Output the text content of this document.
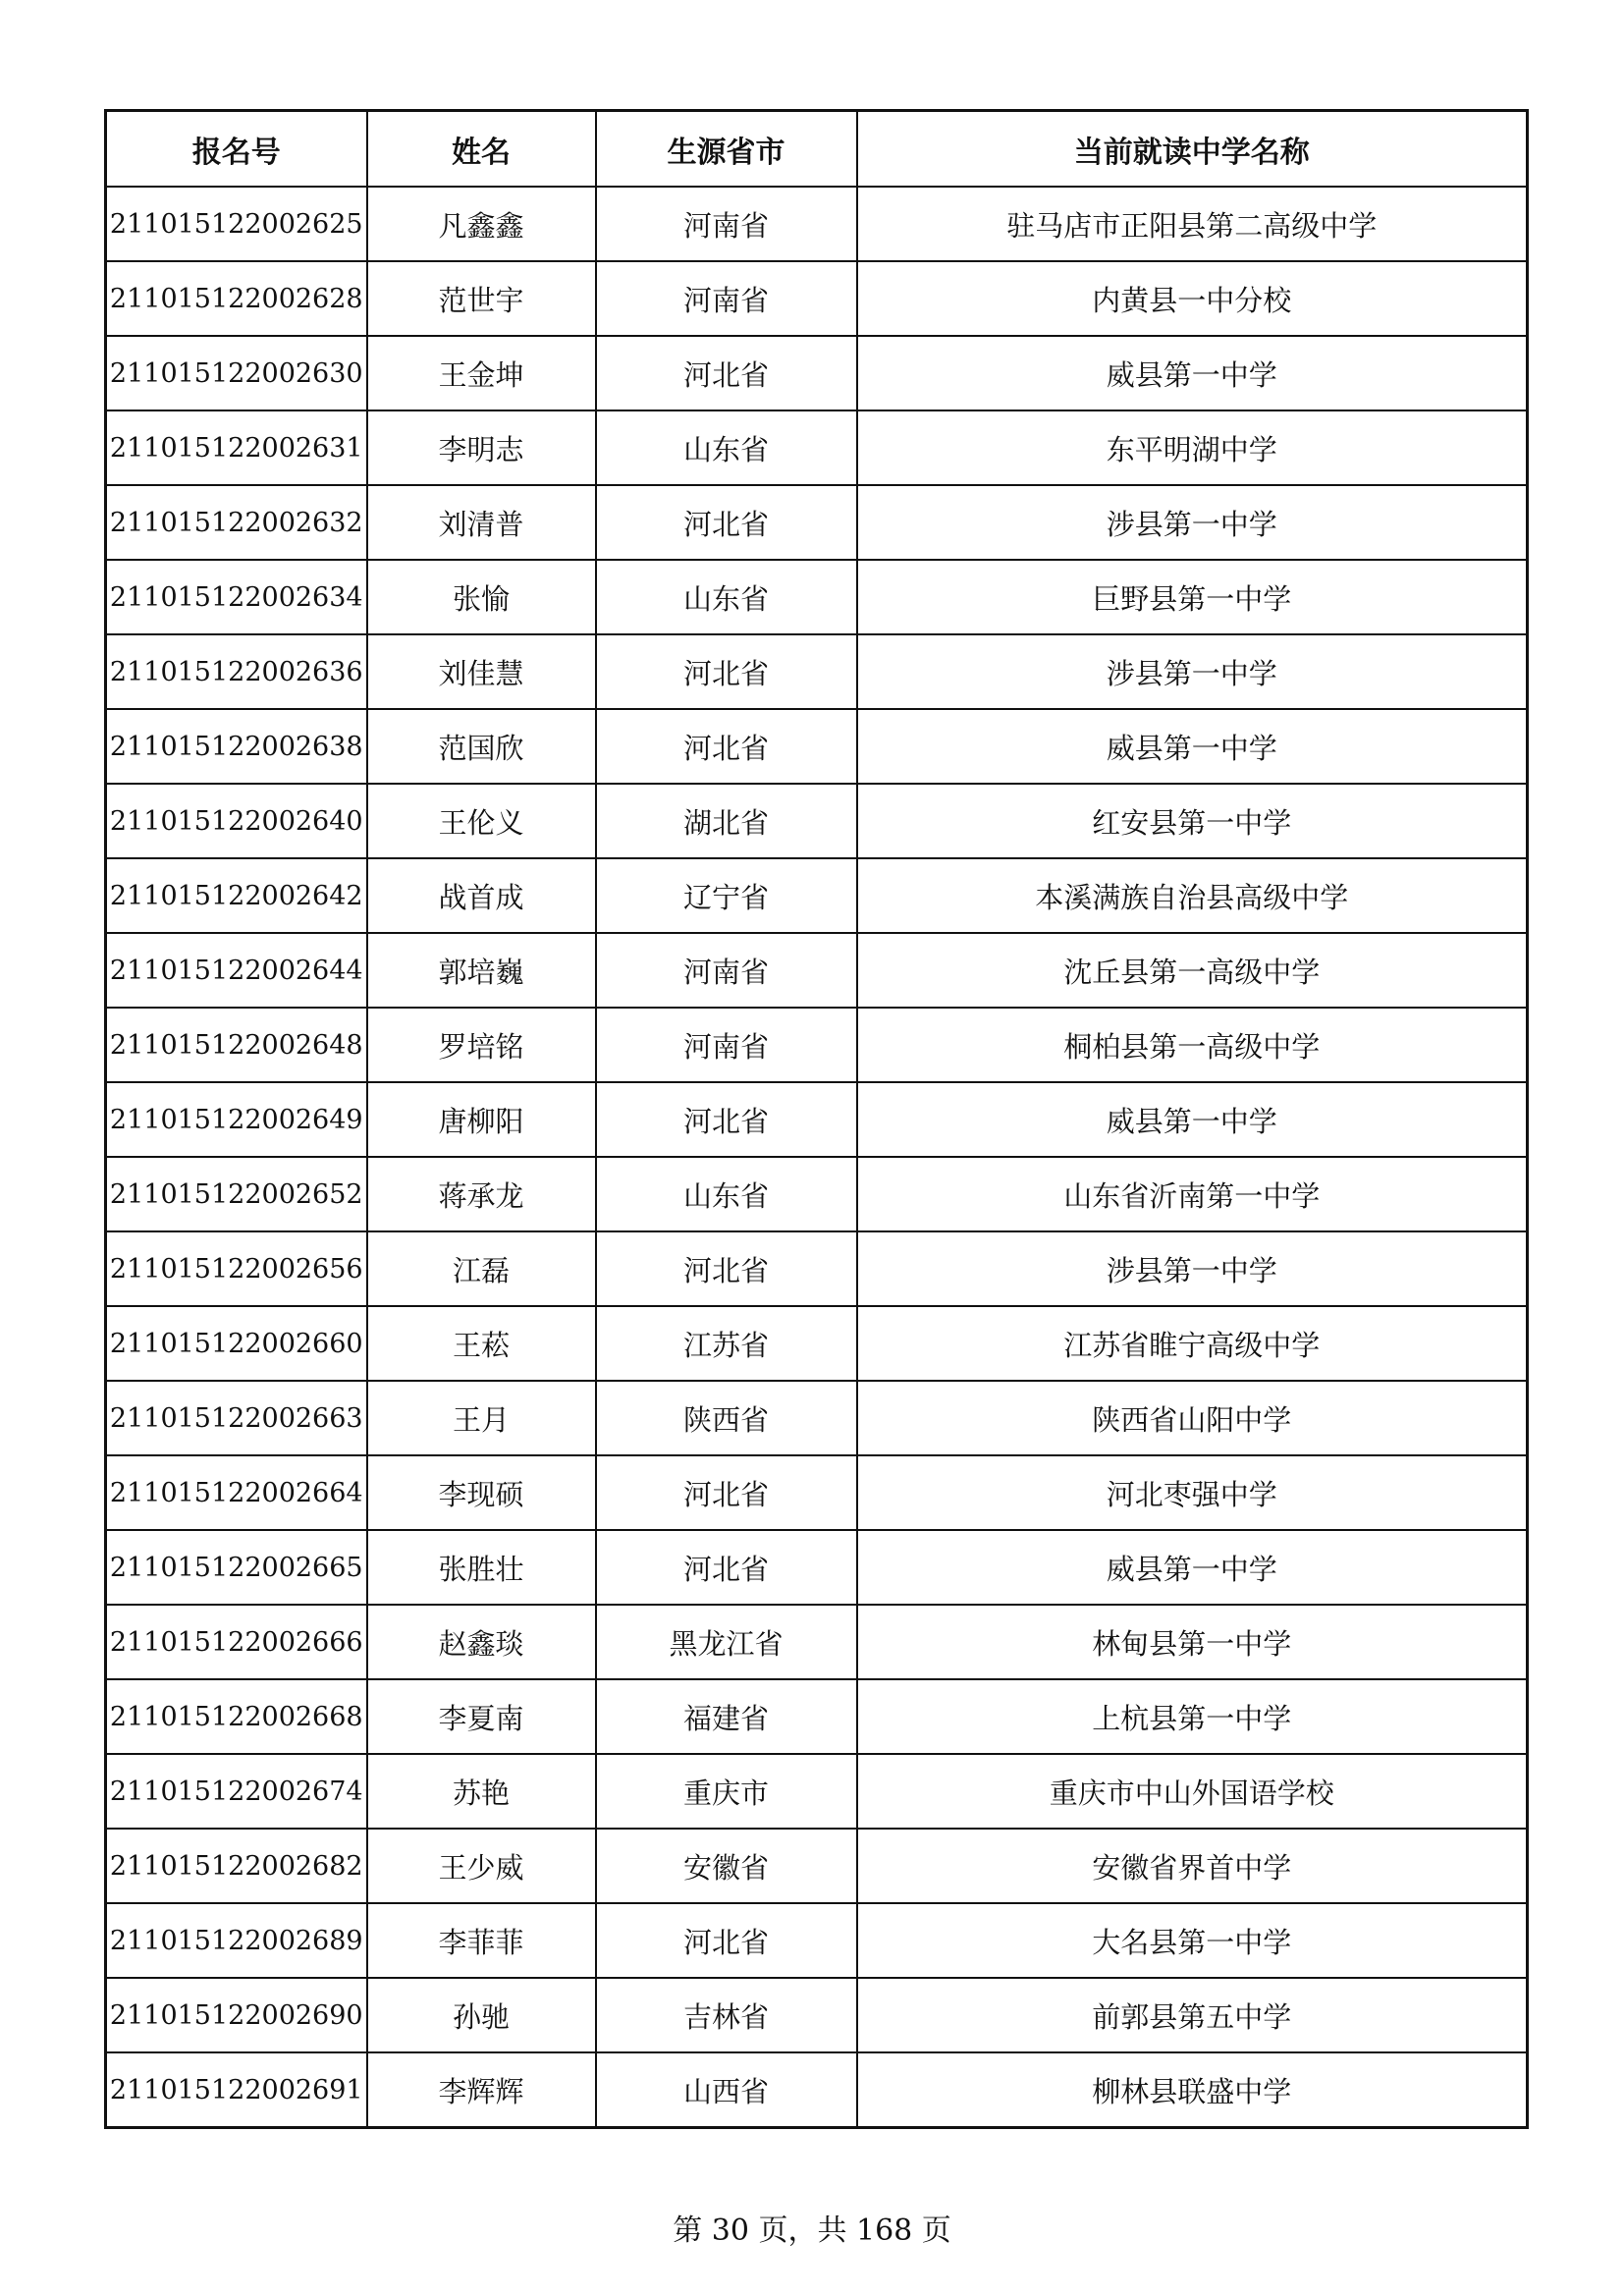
报名号	姓名	生源省市	当前就读中学名称
211015122002625	凡鑫鑫	河南省	驻马店市正阳县第二高级中学
211015122002628	范世宇	河南省	内黄县一中分校
211015122002630	王金坤	河北省	威县第一中学
211015122002631	李明志	山东省	东平明湖中学
211015122002632	刘清普	河北省	涉县第一中学
211015122002634	张愉	山东省	巨野县第一中学
211015122002636	刘佳慧	河北省	涉县第一中学
211015122002638	范国欣	河北省	威县第一中学
211015122002640	王伦义	湖北省	红安县第一中学
211015122002642	战首成	辽宁省	本溪满族自治县高级中学
211015122002644	郭培巍	河南省	沈丘县第一高级中学
211015122002648	罗培铭	河南省	桐柏县第一高级中学
211015122002649	唐柳阳	河北省	威县第一中学
211015122002652	蒋承龙	山东省	山东省沂南第一中学
211015122002656	江磊	河北省	涉县第一中学
211015122002660	王菘	江苏省	江苏省睢宁高级中学
211015122002663	王月	陕西省	陕西省山阳中学
211015122002664	李现硕	河北省	河北枣强中学
211015122002665	张胜壮	河北省	威县第一中学
211015122002666	赵鑫琰	黑龙江省	林甸县第一中学
211015122002668	李夏南	福建省	上杭县第一中学
211015122002674	苏艳	重庆市	重庆市中山外国语学校
211015122002682	王少威	安徽省	安徽省界首中学
211015122002689	李菲菲	河北省	大名县第一中学
211015122002690	孙驰	吉林省	前郭县第五中学
211015122002691	李辉辉	山西省	柳林县联盛中学
第 30 页，共 168 页
